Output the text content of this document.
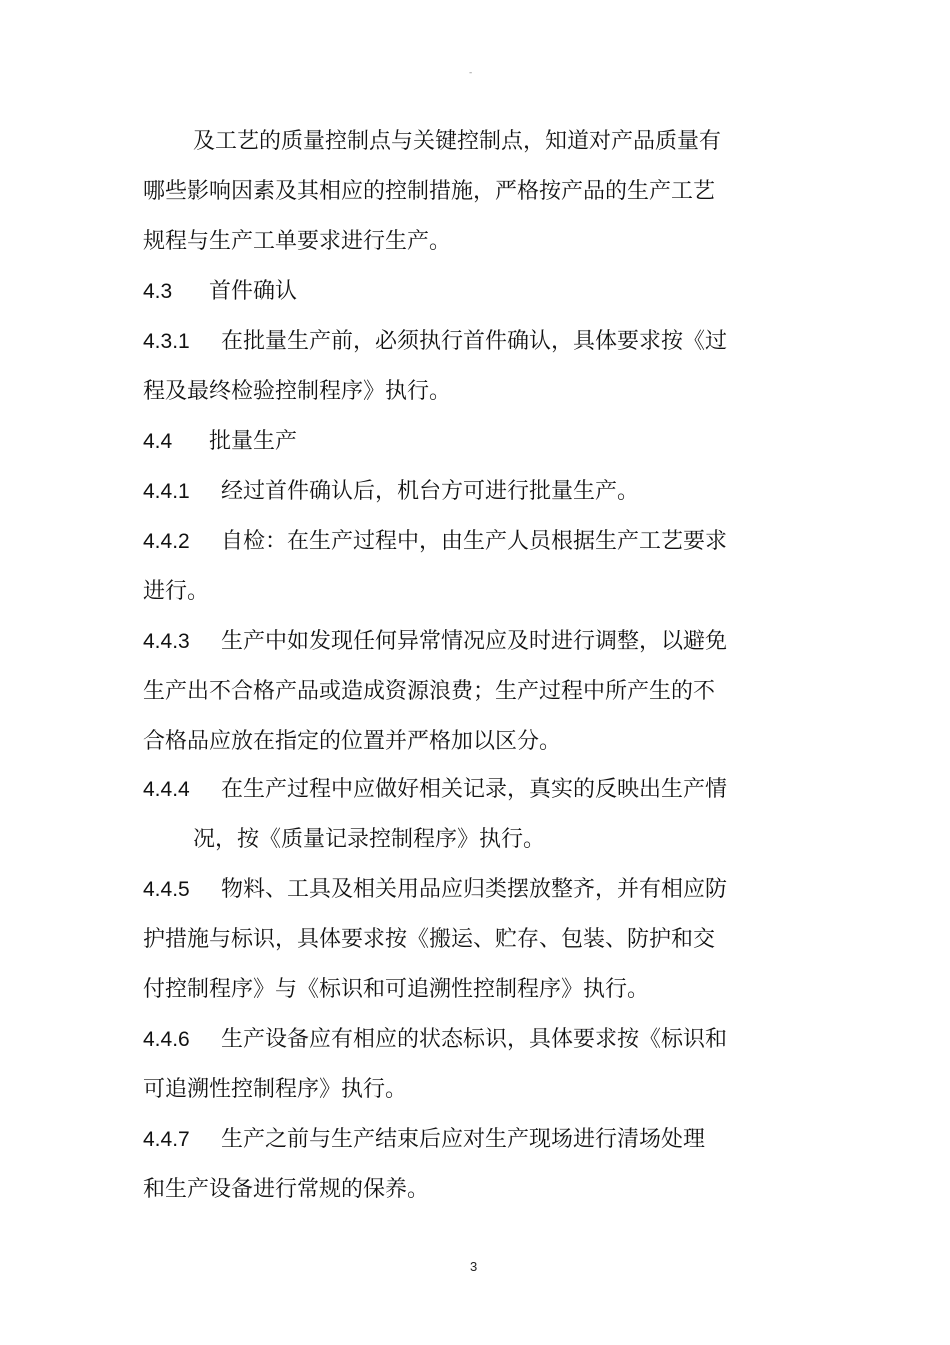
-
及工艺的质量控制点与关键控制点，知道对产品质量有
哪些影响因素及其相应的控制措施，严格按产品的生产工艺
规程与生产工单要求进行生产。
4.3 首件确认
4.3.1 在批量生产前，必须执行首件确认，具体要求按《过
程及最终检验控制程序》执行。
4.4 批量生产
4.4.1 经过首件确认后，机台方可进行批量生产。
4.4.2 自检：在生产过程中，由生产人员根据生产工艺要求
进行。
4.4.3 生产中如发现任何异常情况应及时进行调整，以避免
生产出不合格产品或造成资源浪费；生产过程中所产生的不
合格品应放在指定的位置并严格加以区分。
4.4.4 在生产过程中应做好相关记录，真实的反映出生产情
况，按《质量记录控制程序》执行。
4.4.5 物料、工具及相关用品应归类摆放整齐，并有相应防
护措施与标识，具体要求按《搬运、贮存、包装、防护和交
付控制程序》与《标识和可追溯性控制程序》执行。
4.4.6 生产设备应有相应的状态标识，具体要求按《标识和
可追溯性控制程序》执行。
4.4.7 生产之前与生产结束后应对生产现场进行清场处理
和生产设备进行常规的保养。
3
